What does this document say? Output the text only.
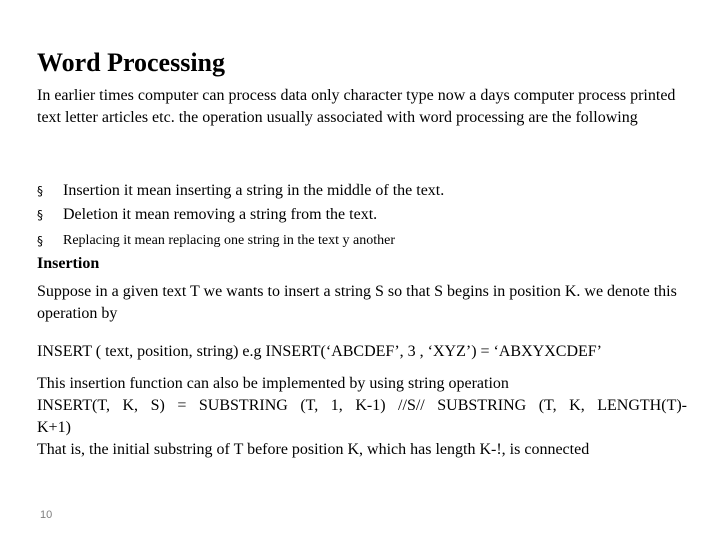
Word Processing
In earlier times computer can process data only character type now a days computer process printed text letter articles etc. the operation usually associated with word processing are the following
§ Insertion it mean inserting a string in the middle of the text.
§ Deletion it mean removing a string from the text.
§ Replacing it mean replacing one string in the text y another
Insertion
Suppose in a given text T we wants to insert a string S so that S begins in position K. we denote this operation by
INSERT ( text, position, string) e.g INSERT(‘ABCDEF’, 3 , ‘XYZ’) = ‘ABXYXCDEF’
This insertion function can also be implemented by using string operation
INSERT(T, K, S) = SUBSTRING (T, 1, K-1) //S// SUBSTRING (T, K, LENGTH(T)-
K+1)
That is, the initial substring of T before position K, which has length K-!, is connected
10
